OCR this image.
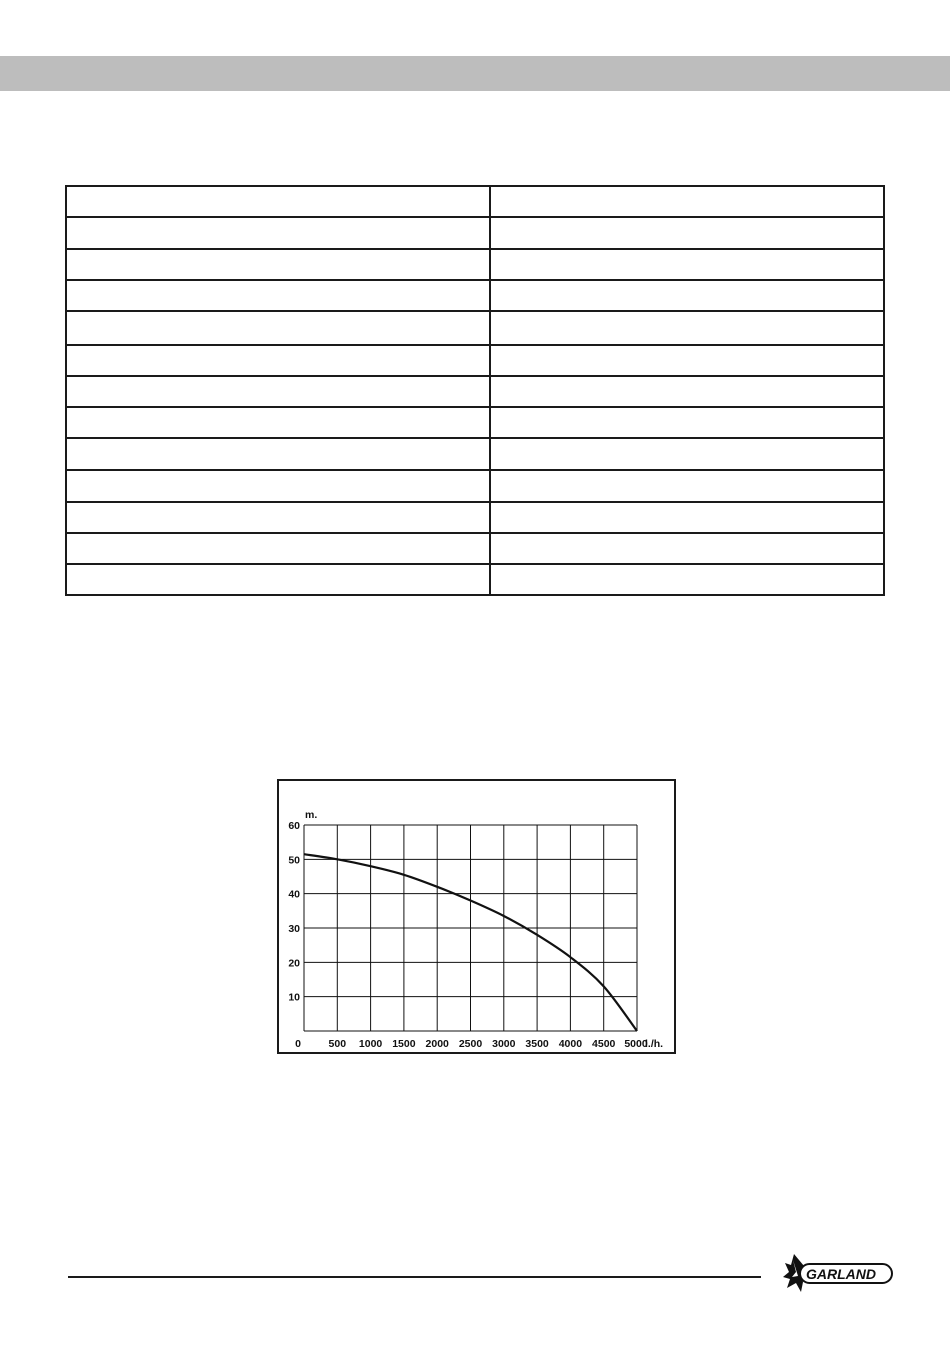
10
20
30
40
50
60
0	500 1000 1500 2000 2500 3000 3500 4000 4500 5000
m.
l./h.
GARLAND
